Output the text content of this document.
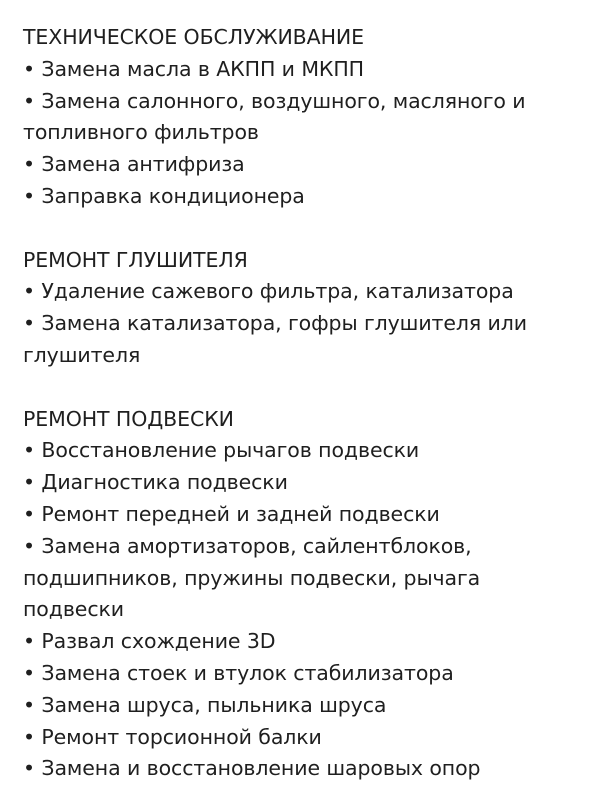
ТЕХНИЧЕСКОЕ ОБСЛУЖИВАНИЕ
• Замена масла в АКПП и МКПП
• Замена салонного, воздушного, масляного и
топливного фильтров
• Замена антифриза
• Заправка кондиционера
РЕМОНТ ГЛУШИТЕЛЯ
• Удаление сажевого фильтра, катализатора
• Замена катализатора, гофры глушителя или
глушителя
РЕМОНТ ПОДВЕСКИ
• Восстановление рычагов подвески
• Диагностика подвески
• Ремонт передней и задней подвески
• Замена амортизаторов, сайлентблоков,
подшипников, пружины подвески, рычага
подвески
• Развал схождение 3D
• Замена стоек и втулок стабилизатора
• Замена шруса, пыльника шруса
• Ремонт торсионной балки
• Замена и восстановление шаровых опор
